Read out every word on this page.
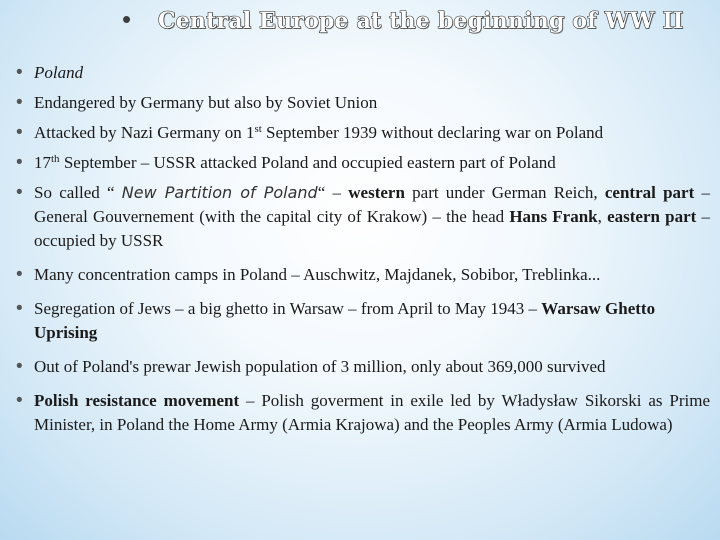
• Central Europe at the beginning of WW II
• Poland
• Endangered by Germany but also by Soviet Union
• Attacked by Nazi Germany on 1st September 1939 without declaring war on Poland
• 17th September – USSR attacked Poland and occupied eastern part of Poland
• So called “ New Partition of Poland“ – western part under German Reich, central part – General Gouvernement (with the capital city of Krakow) – the head Hans Frank, eastern part – occupied by USSR
• Many concentration camps in Poland – Auschwitz, Majdanek, Sobibor, Treblinka...
• Segregation of Jews – a big ghetto in Warsaw – from April to May 1943 – Warsaw Ghetto Uprising
• Out of Poland's prewar Jewish population of 3 million, only about 369,000 survived
• Polish resistance movement – Polish goverment in exile led by Władysław Sikorski as Prime Minister, in Poland the Home Army (Armia Krajowa) and the Peoples Army (Armia Ludowa)
